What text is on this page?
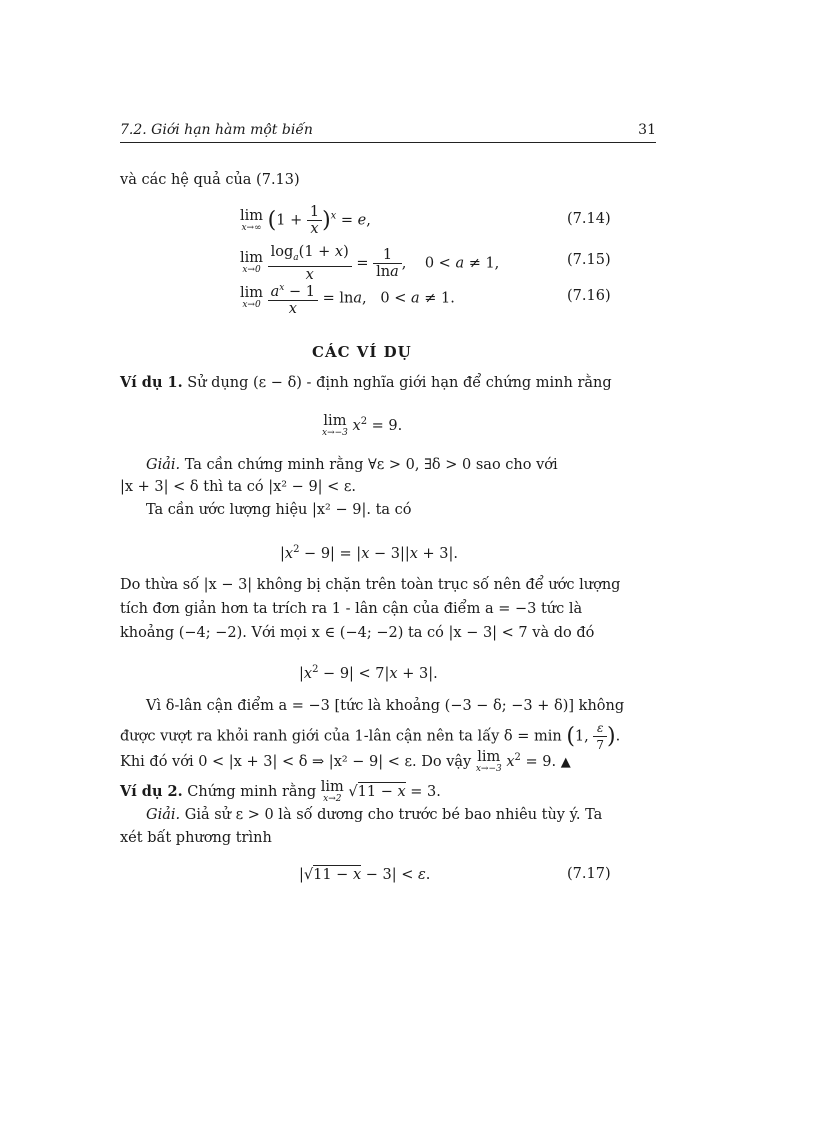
7.2. Giới hạn hàm một biến	31
và các hệ quả của (7.13)
lim
x→∞ $(1 + \frac{1}{x} )^x = e$,	(7.14)
lim
x→0
$\frac{\log_a(1 + x)}{x} = \frac{1}{\ln a}$ ,    0 < a ≠ 1,	(7.15)
lim
x→0
$\frac{a^x - 1}{x} = \ln a$,   0 < a ≠ 1.	(7.16)
CÁC VÍ DỤ
Ví dụ 1. Sử dụng (ε − δ) - định nghĩa giới hạn để chứng minh rằng
lim
x→−3 $x^2 = 9$.
Giải. Ta cần chứng minh rằng ∀ε > 0, ∃δ > 0 sao cho với
|x + 3| < δ thì ta có |x² − 9| < ε.
Ta cần ước lượng hiệu |x² − 9|. ta có
$|x^2 - 9| = |x - 3||x + 3|$.
Do thừa số |x − 3| không bị chặn trên toàn trục số nên để ước lượng
tích đơn giản hơn ta trích ra 1 - lân cận của điểm a = −3 tức là
khoảng (−4; −2). Với mọi x ∈ (−4; −2) ta có |x − 3| < 7 và do đó
$|x^2 - 9| < 7|x + 3|$.
Vì δ-lân cận điểm a = −3 [tức là khoảng (−3 − δ; −3 + δ)] không
được vượt ra khỏi ranh giới của 1-lân cận nên ta lấy δ = min (1, $\frac{\varepsilon}{7}$ ).
Khi đó với 0 < |x + 3| < δ ⇒ |x² − 9| < ε. Do vậy lim
x→−3 $x^2 = 9$. ▲
Ví dụ 2. Chứng minh rằng lim
x→2 √11 − x = 3.
Giải. Giả sử ε > 0 là số dương cho trước bé bao nhiêu tùy ý. Ta
xét bất phương trình
|√11 − x − 3| < ε.	(7.17)
